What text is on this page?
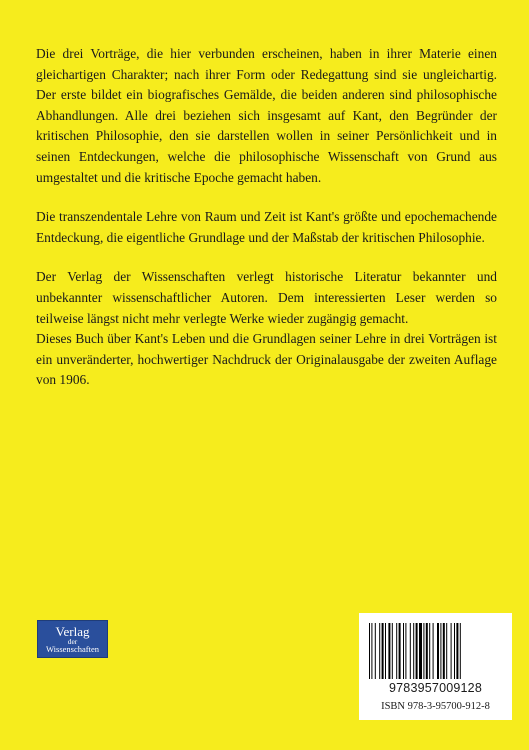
Die drei Vorträge, die hier verbunden erscheinen, haben in ihrer Materie einen gleichartigen Charakter; nach ihrer Form oder Redegattung sind sie ungleichartig. Der erste bildet ein biografisches Gemälde, die beiden anderen sind philosophische Abhandlungen. Alle drei beziehen sich insgesamt auf Kant, den Begründer der kritischen Philosophie, den sie darstellen wollen in seiner Persönlichkeit und in seinen Entdeckungen, welche die philosophische Wissenschaft von Grund aus umgestaltet und die kritische Epoche gemacht haben.

Die transzendentale Lehre von Raum und Zeit ist Kant's größte und epochemachende Entdeckung, die eigentliche Grundlage und der Maßstab der kritischen Philosophie.

Der Verlag der Wissenschaften verlegt historische Literatur bekannter und unbekannter wissenschaftlicher Autoren. Dem interessierten Leser werden so teilweise längst nicht mehr verlegte Werke wieder zugängig gemacht.

Dieses Buch über Kant's Leben und die Grundlagen seiner Lehre in drei Vorträgen ist ein unveränderter, hochwertiger Nachdruck der Originalausgabe der zweiten Auflage von 1906.

Verlag
der
Wissenschaften
9783957009128
ISBN 978-3-95700-912-8
